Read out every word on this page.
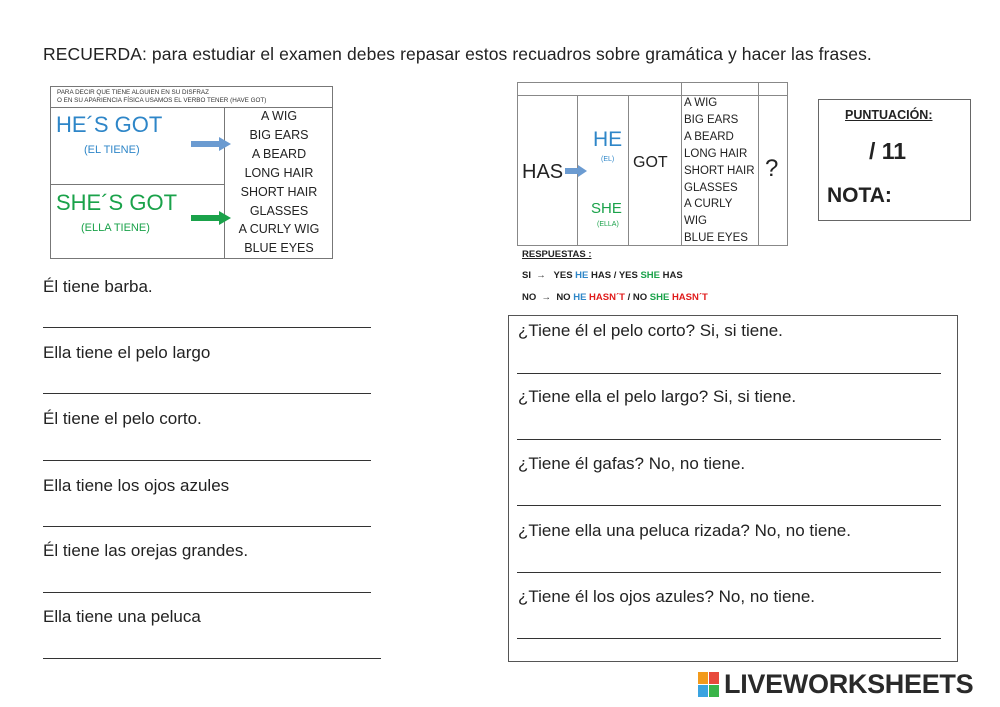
RECUERDA: para estudiar el examen debes repasar estos recuadros sobre gramática y hacer las frases.
PARA DECIR QUE TIENE ALGUIEN EN SU DISFRAZ
O EN SU APARIENCIA FÍSICA USAMOS EL VERBO TENER (HAVE GOT)
HE´S GOT
(EL TIENE)
SHE´S GOT
(ELLA TIENE)
A WIG
BIG EARS
A BEARD
LONG HAIR
SHORT HAIR
GLASSES
A CURLY WIG
BLUE EYES
HAS
HE
(EL)
SHE
(ELLA)
GOT
A WIG
BIG EARS
A BEARD
LONG HAIR
SHORT HAIR
GLASSES
A CURLY
WIG
BLUE EYES
?
RESPUESTAS :
SI  →   YES HE HAS / YES SHE HAS
NO  →  NO HE HASN´T / NO SHE HASN´T
PUNTUACIÓN:
/ 11
NOTA:
Él tiene barba.
Ella tiene el pelo largo
Él tiene el pelo corto.
Ella tiene los ojos azules
Él tiene las orejas grandes.
Ella tiene una peluca
¿Tiene él el pelo corto? Si, si tiene.
¿Tiene ella el pelo largo? Si, si tiene.
¿Tiene él gafas? No, no tiene.
¿Tiene ella una peluca rizada? No, no tiene.
¿Tiene él los ojos azules? No, no tiene.
LIVEWORKSHEETS
